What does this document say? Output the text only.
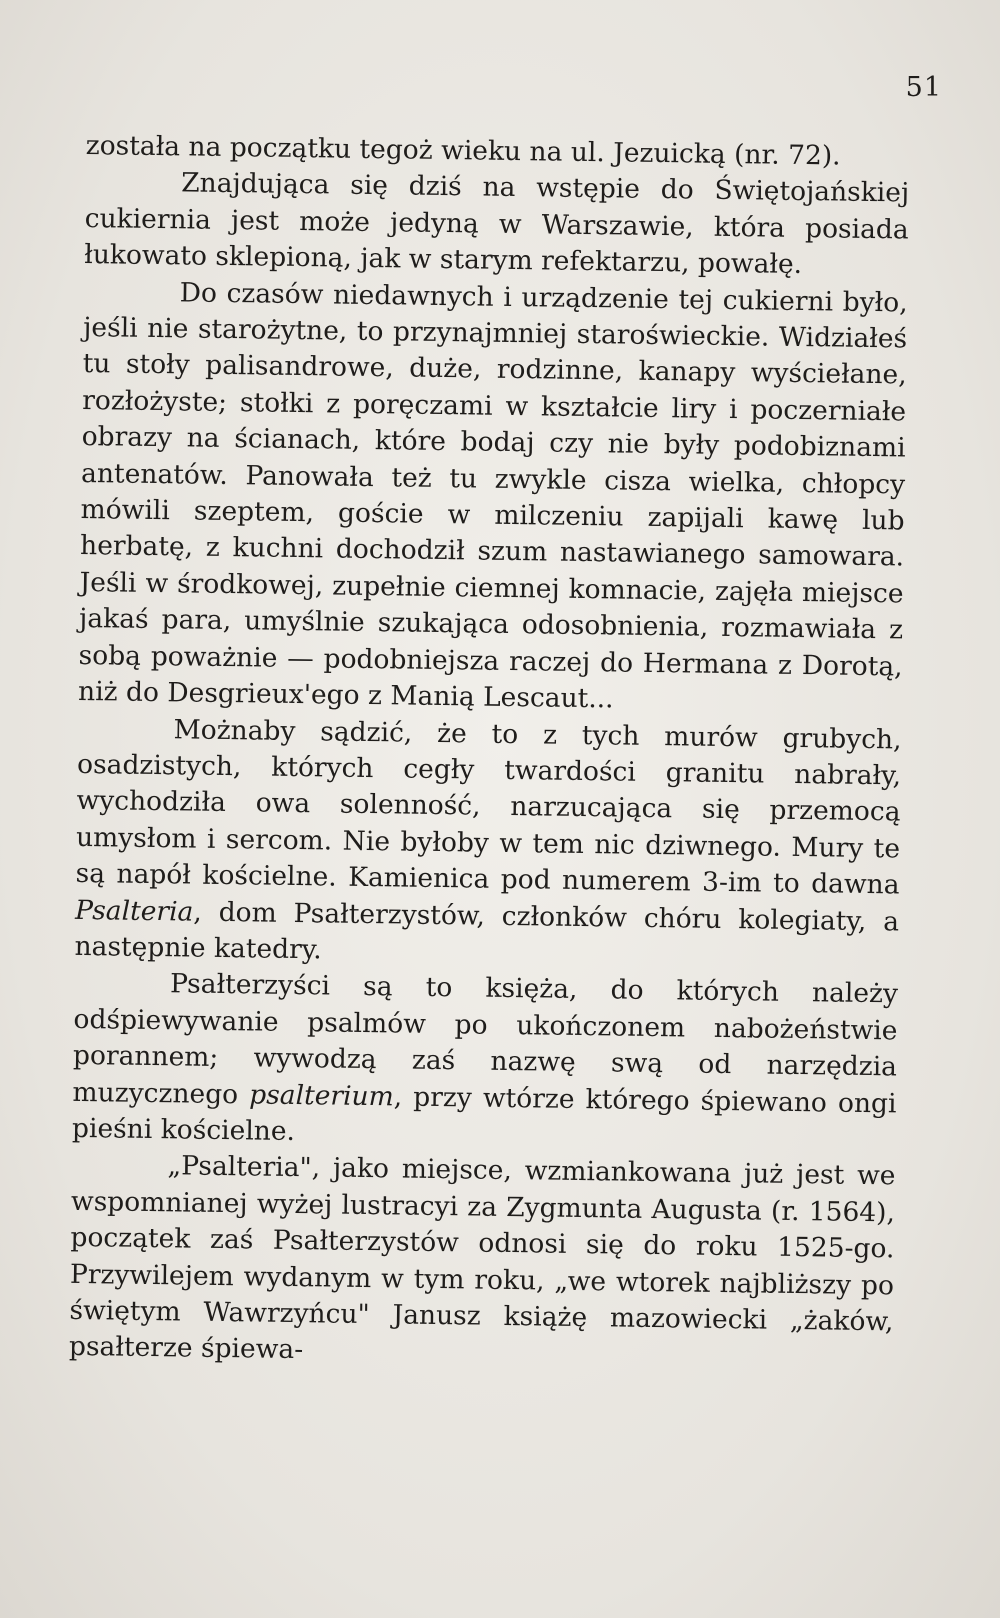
51

została na początku tegoż wieku na ul. Jezuicką (nr. 72).

Znajdująca się dziś na wstępie do Świętojańskiej cukiernia jest może jedyną w Warszawie, która posiada łukowato sklepioną, jak w starym refektarzu, powałę.

Do czasów niedawnych i urządzenie tej cukierni było, jeśli nie starożytne, to przynajmniej staroświeckie. Widziałeś tu stoły palisandrowe, duże, rodzinne, kanapy wyściełane, rozłożyste; stołki z poręczami w kształcie liry i poczerniałe obrazy na ścianach, które bodaj czy nie były podobiznami antenatów. Panowała też tu zwykle cisza wielka, chłopcy mówili szeptem, goście w milczeniu zapijali kawę lub herbatę, z kuchni dochodził szum nastawianego samowara. Jeśli w środkowej, zupełnie ciemnej komnacie, zajęła miejsce jakaś para, umyślnie szukająca odosobnienia, rozmawiała z sobą poważnie — podobniejsza raczej do Hermana z Dorotą, niż do Desgrieux'ego z Manią Lescaut...

Możnaby sądzić, że to z tych murów grubych, osadzistych, których cegły twardości granitu nabrały, wychodziła owa solenność, narzucająca się przemocą umysłom i sercom. Nie byłoby w tem nic dziwnego. Mury te są napół kościelne. Kamienica pod numerem 3-im to dawna Psalteria, dom Psałterzystów, członków chóru kolegiaty, a następnie katedry.

Psałterzyści są to księża, do których należy odśpiewywanie psalmów po ukończonem nabożeństwie porannem; wywodzą zaś nazwę swą od narzędzia muzycznego psalterium, przy wtórze którego śpiewano ongi pieśni kościelne.

„Psalteria", jako miejsce, wzmiankowana już jest we wspomnianej wyżej lustracyi za Zygmunta Augusta (r. 1564), początek zaś Psałterzystów odnosi się do roku 1525-go. Przywilejem wydanym w tym roku, „we wtorek najbliższy po świętym Wawrzyńcu" Janusz książę mazowiecki „żaków, psałterze śpiewa-
